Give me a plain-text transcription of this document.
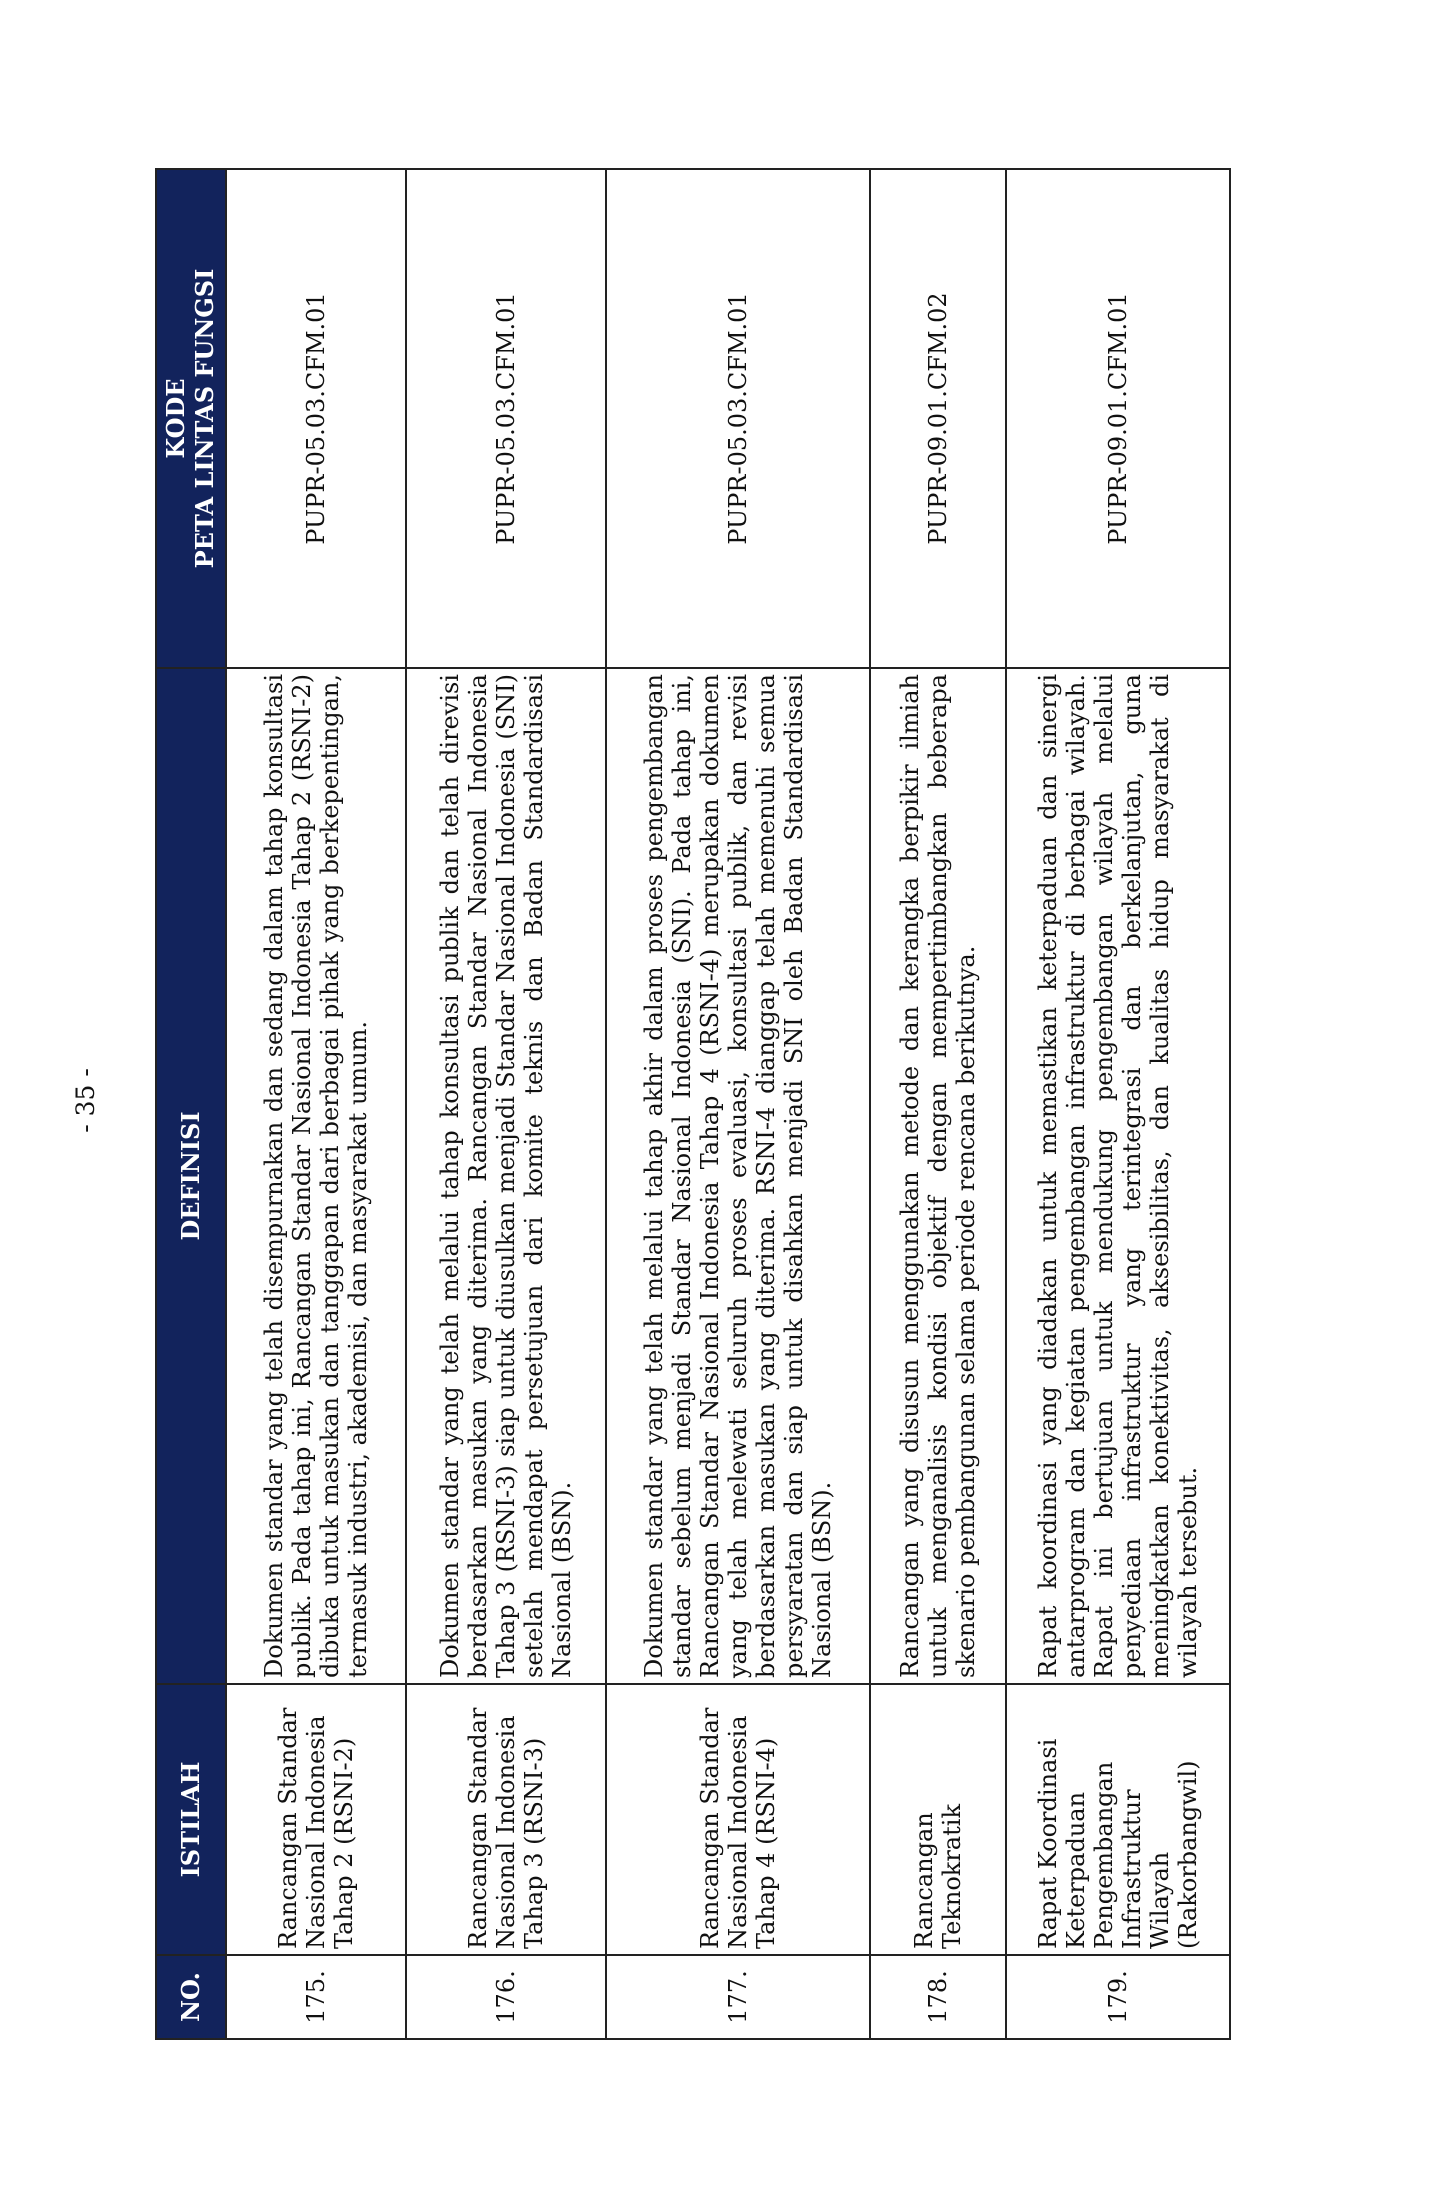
- 35 -
NO.	ISTILAH	DEFINISI	KODE PETA LINTAS FUNGSI

175.	Rancangan Standar Nasional Indonesia Tahap 2 (RSNI-2)	Dokumen standar yang telah disempurnakan dan sedang dalam tahap konsultasi publik. Pada tahap ini, Rancangan Standar Nasional Indonesia Tahap 2 (RSNI-2) dibuka untuk masukan dan tanggapan dari berbagai pihak yang berkepentingan, termasuk industri, akademisi, dan masyarakat umum.	PUPR-05.03.CFM.01
176.	Rancangan Standar Nasional Indonesia Tahap 3 (RSNI-3)	Dokumen standar yang telah melalui tahap konsultasi publik dan telah direvisi berdasarkan masukan yang diterima. Rancangan Standar Nasional Indonesia Tahap 3 (RSNI-3) siap untuk diusulkan menjadi Standar Nasional Indonesia (SNI) setelah mendapat persetujuan dari komite teknis dan Badan Standardisasi Nasional (BSN).	PUPR-05.03.CFM.01
177.	Rancangan Standar Nasional Indonesia Tahap 4 (RSNI-4)	Dokumen standar yang telah melalui tahap akhir dalam proses pengembangan standar sebelum menjadi Standar Nasional Indonesia (SNI). Pada tahap ini, Rancangan Standar Nasional Indonesia Tahap 4 (RSNI-4) merupakan dokumen yang telah melewati seluruh proses evaluasi, konsultasi publik, dan revisi berdasarkan masukan yang diterima. RSNI-4 dianggap telah memenuhi semua persyaratan dan siap untuk disahkan menjadi SNI oleh Badan Standardisasi Nasional (BSN).	PUPR-05.03.CFM.01
178.	Rancangan Teknokratik	Rancangan yang disusun menggunakan metode dan kerangka berpikir ilmiah untuk menganalisis kondisi objektif dengan mempertimbangkan beberapa skenario pembangunan selama periode rencana berikutnya.	PUPR-09.01.CFM.02
179.	Rapat Koordinasi Keterpaduan Pengembangan Infrastruktur Wilayah (Rakorbangwil)	Rapat koordinasi yang diadakan untuk memastikan keterpaduan dan sinergi antarprogram dan kegiatan pengembangan infrastruktur di berbagai wilayah. Rapat ini bertujuan untuk mendukung pengembangan wilayah melalui penyediaan infrastruktur yang terintegrasi dan berkelanjutan, guna meningkatkan konektivitas, aksesibilitas, dan kualitas hidup masyarakat di wilayah tersebut.	PUPR-09.01.CFM.01
